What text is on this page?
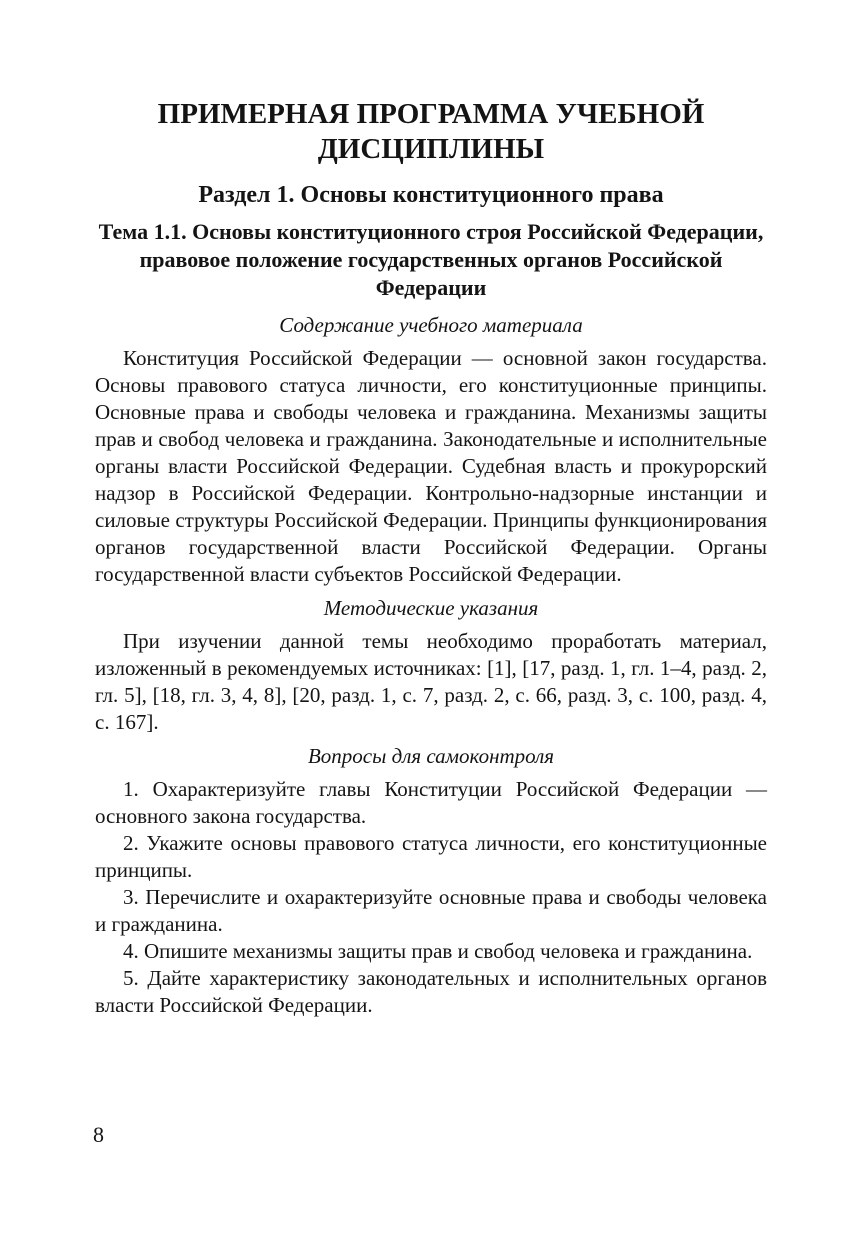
ПРИМЕРНАЯ ПРОГРАММА УЧЕБНОЙ ДИСЦИПЛИНЫ
Раздел 1. Основы конституционного права
Тема 1.1. Основы конституционного строя Российской Федерации, правовое положение государственных органов Российской Федерации
Содержание учебного материала

Конституция Российской Федерации — основной закон государства. Основы правового статуса личности, его конституционные принципы. Основные права и свободы человека и гражданина. Механизмы защиты прав и свобод человека и гражданина. Законодательные и исполнительные органы власти Российской Федерации. Судебная власть и прокурорский надзор в Российской Федерации. Контрольно-надзорные инстанции и силовые структуры Российской Федерации. Принципы функционирования органов государственной власти Российской Федерации. Органы государственной власти субъектов Российской Федерации.

Методические указания

При изучении данной темы необходимо проработать материал, изложенный в рекомендуемых источниках: [1], [17, разд. 1, гл. 1–4, разд. 2, гл. 5], [18, гл. 3, 4, 8], [20, разд. 1, с. 7, разд. 2, с. 66, разд. 3, с. 100, разд. 4, с. 167].

Вопросы для самоконтроля

1. Охарактеризуйте главы Конституции Российской Федерации — основного закона государства.

2. Укажите основы правового статуса личности, его конституционные принципы.

3. Перечислите и охарактеризуйте основные права и свободы человека и гражданина.

4. Опишите механизмы защиты прав и свобод человека и гражданина.

5. Дайте характеристику законодательных и исполнительных органов власти Российской Федерации.

8
